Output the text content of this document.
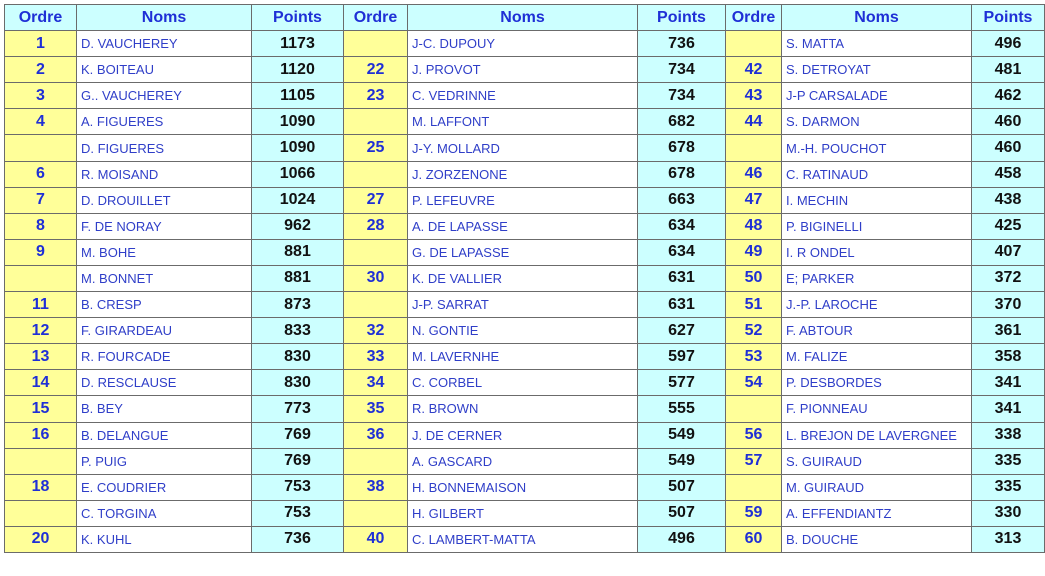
Ordre	Noms	Points	Ordre	Noms	Points	Ordre	Noms	Points
1	D. VAUCHEREY	1173		J-C. DUPOUY	736		S. MATTA	496
2	K. BOITEAU	1120	22	J. PROVOT	734	42	S. DETROYAT	481
3	G.. VAUCHEREY	1105	23	C. VEDRINNE	734	43	J-P CARSALADE	462
4	A. FIGUERES	1090		M. LAFFONT	682	44	S. DARMON	460
	D. FIGUERES	1090	25	J-Y. MOLLARD	678		M.-H. POUCHOT	460
6	R. MOISAND	1066		J. ZORZENONE	678	46	C. RATINAUD	458
7	D. DROUILLET	1024	27	P. LEFEUVRE	663	47	I. MECHIN	438
8	F. DE NORAY	962	28	A. DE LAPASSE	634	48	P. BIGINELLI	425
9	M. BOHE	881		G. DE LAPASSE	634	49	I. R ONDEL	407
	M. BONNET	881	30	K. DE VALLIER	631	50	E; PARKER	372
11	B. CRESP	873		J-P. SARRAT	631	51	J.-P. LAROCHE	370
12	F. GIRARDEAU	833	32	N. GONTIE	627	52	F. ABTOUR	361
13	R. FOURCADE	830	33	M. LAVERNHE	597	53	M. FALIZE	358
14	D. RESCLAUSE	830	34	C. CORBEL	577	54	P. DESBORDES	341
15	B. BEY	773	35	R. BROWN	555		F. PIONNEAU	341
16	B. DELANGUE	769	36	J. DE CERNER	549	56	L. BREJON DE LAVERGNEE	338
	P. PUIG	769		A. GASCARD	549	57	S. GUIRAUD	335
18	E. COUDRIER	753	38	H. BONNEMAISON	507		M. GUIRAUD	335
	C. TORGINA	753		H. GILBERT	507	59	A. EFFENDIANTZ	330
20	K. KUHL	736	40	C. LAMBERT-MATTA	496	60	B. DOUCHE	313
